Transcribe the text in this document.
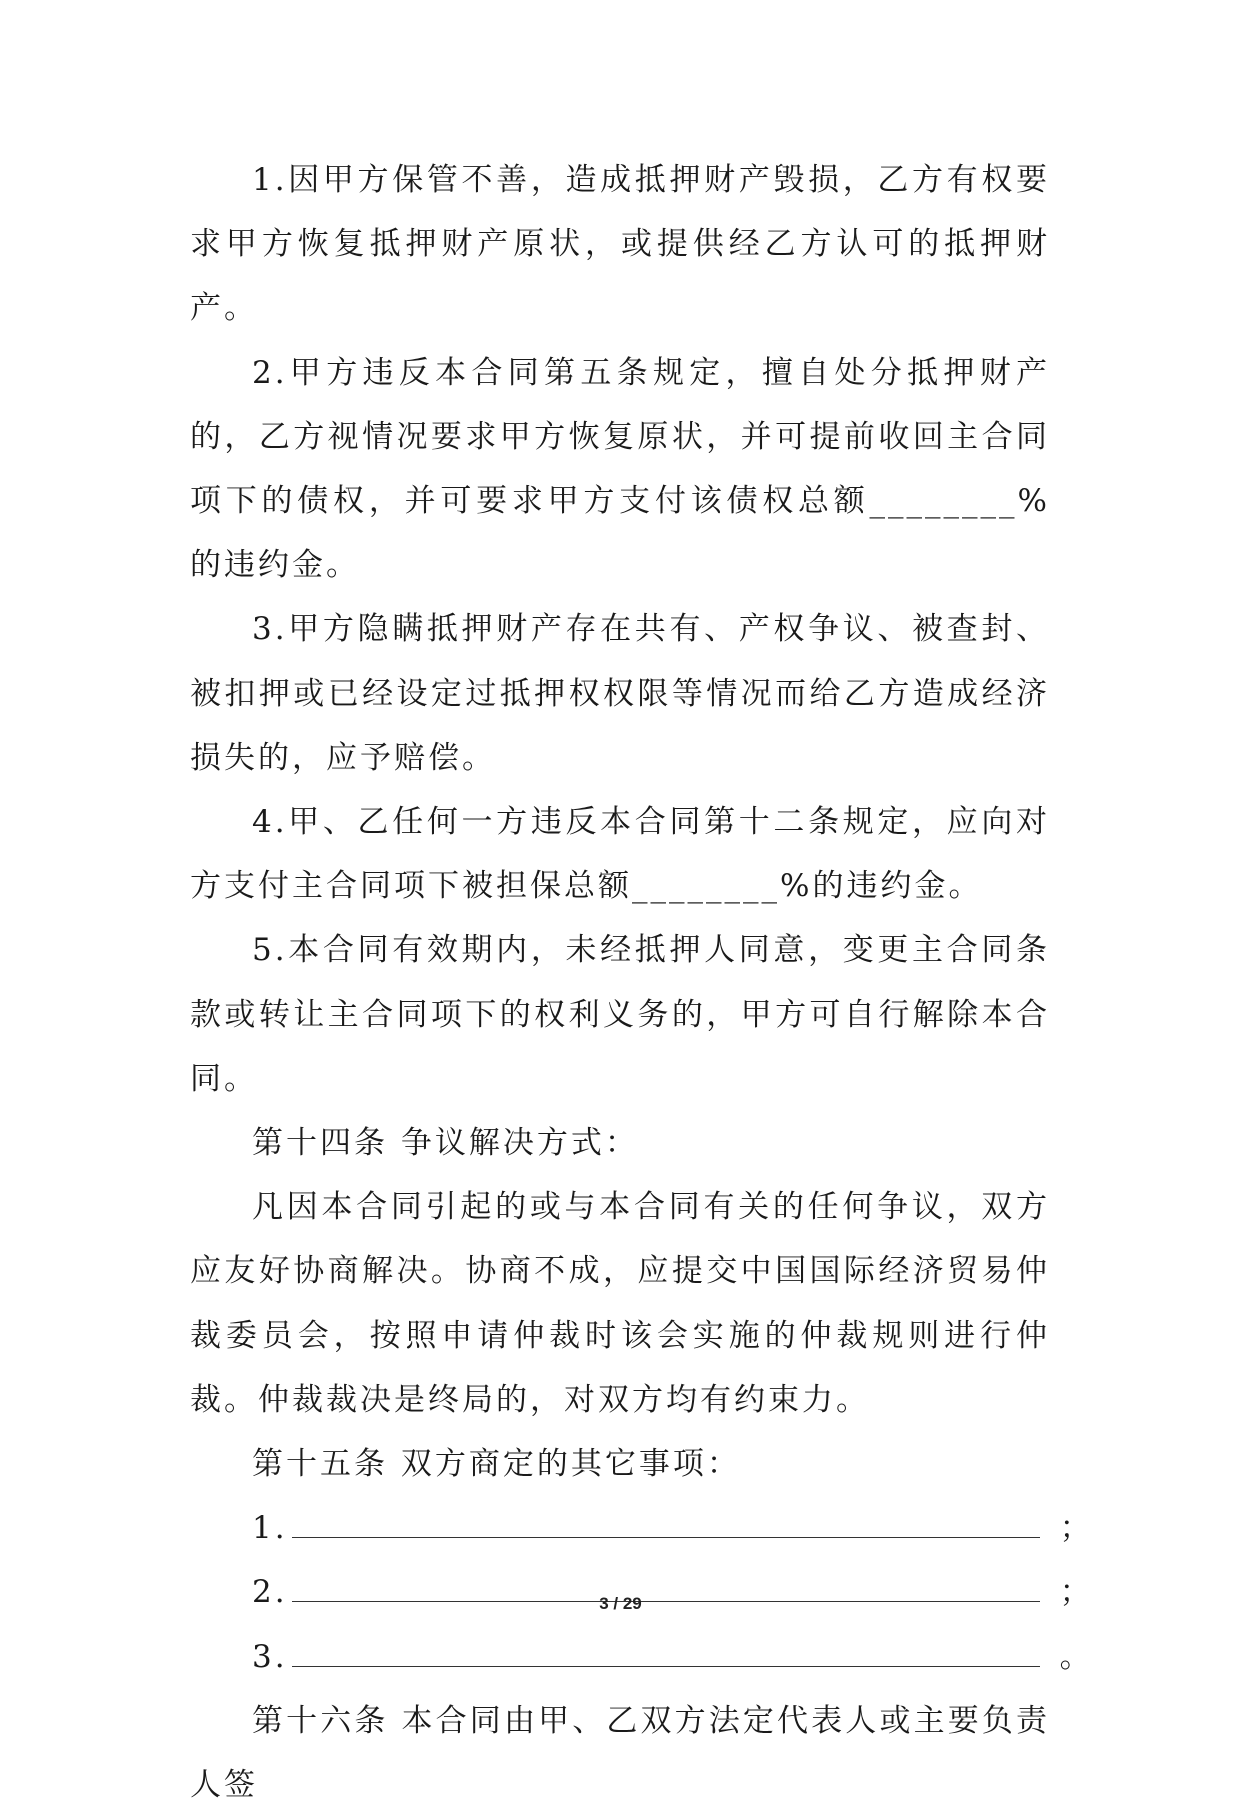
1.因甲方保管不善，造成抵押财产毁损，乙方有权要求甲方恢复抵押财产原状，或提供经乙方认可的抵押财产。

2.甲方违反本合同第五条规定，擅自处分抵押财产的，乙方视情况要求甲方恢复原状，并可提前收回主合同项下的债权，并可要求甲方支付该债权总额________%的违约金。

3.甲方隐瞒抵押财产存在共有、产权争议、被查封、被扣押或已经设定过抵押权权限等情况而给乙方造成经济损失的，应予赔偿。

4.甲、乙任何一方违反本合同第十二条规定，应向对方支付主合同项下被担保总额________%的违约金。

5.本合同有效期内，未经抵押人同意，变更主合同条款或转让主合同项下的权利义务的，甲方可自行解除本合同。

第十四条 争议解决方式：

凡因本合同引起的或与本合同有关的任何争议，双方应友好协商解决。协商不成，应提交中国国际经济贸易仲裁委员会，按照申请仲裁时该会实施的仲裁规则进行仲裁。仲裁裁决是终局的，对双方均有约束力。

第十五条 双方商定的其它事项：

1.	；
2.	；
3.	。

第十六条 本合同由甲、乙双方法定代表人或主要负责人签

3 / 29
